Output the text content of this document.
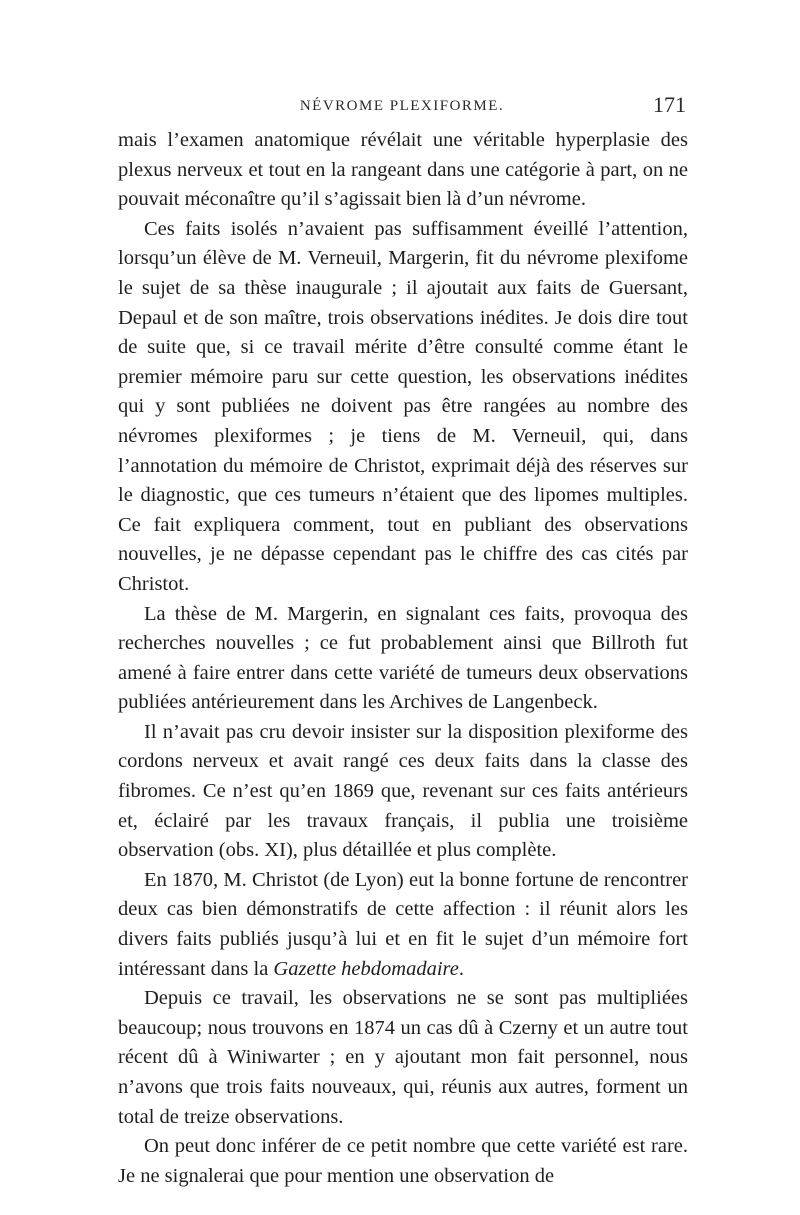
NÉVROME PLEXIFORME.	171

mais l’examen anatomique révélait une véritable hyperplasie des plexus nerveux et tout en la rangeant dans une catégorie à part, on ne pouvait méconaître qu’il s’agissait bien là d’un névrome.

Ces faits isolés n’avaient pas suffisamment éveillé l’attention, lorsqu’un élève de M. Verneuil, Margerin, fit du névrome plexifome le sujet de sa thèse inaugurale ; il ajoutait aux faits de Guersant, Depaul et de son maître, trois observations inédites. Je dois dire tout de suite que, si ce travail mérite d’être consulté comme étant le premier mémoire paru sur cette question, les observations inédites qui y sont publiées ne doivent pas être rangées au nombre des névromes plexiformes ; je tiens de M. Verneuil, qui, dans l’annotation du mémoire de Christot, exprimait déjà des réserves sur le diagnostic, que ces tumeurs n’étaient que des lipomes multiples. Ce fait expliquera comment, tout en publiant des observations nouvelles, je ne dépasse cependant pas le chiffre des cas cités par Christot.

La thèse de M. Margerin, en signalant ces faits, provoqua des recherches nouvelles ; ce fut probablement ainsi que Billroth fut amené à faire entrer dans cette variété de tumeurs deux observations publiées antérieurement dans les Archives de Langenbeck.

Il n’avait pas cru devoir insister sur la disposition plexiforme des cordons nerveux et avait rangé ces deux faits dans la classe des fibromes. Ce n’est qu’en 1869 que, revenant sur ces faits antérieurs et, éclairé par les travaux français, il publia une troisième observation (obs. XI), plus détaillée et plus complète.

En 1870, M. Christot (de Lyon) eut la bonne fortune de rencontrer deux cas bien démonstratifs de cette affection : il réunit alors les divers faits publiés jusqu’à lui et en fit le sujet d’un mémoire fort intéressant dans la Gazette hebdomadaire.

Depuis ce travail, les observations ne se sont pas multipliées beaucoup; nous trouvons en 1874 un cas dû à Czerny et un autre tout récent dû à Winiwarter ; en y ajoutant mon fait personnel, nous n’avons que trois faits nouveaux, qui, réunis aux autres, forment un total de treize observations.

On peut donc inférer de ce petit nombre que cette variété est rare. Je ne signalerai que pour mention une observation de
